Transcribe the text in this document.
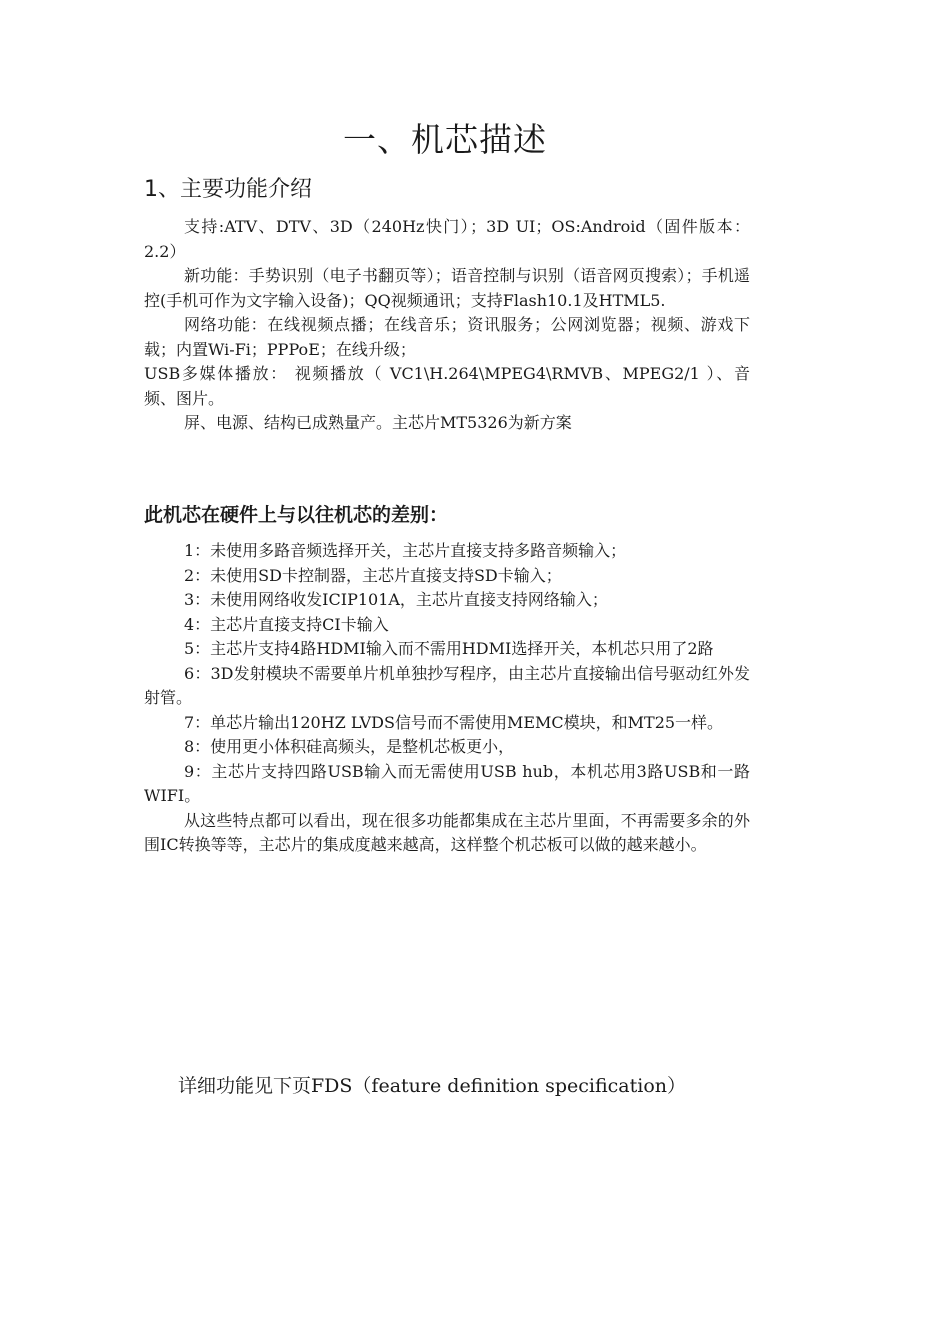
一、机芯描述
1、主要功能介绍

支持:ATV、DTV、3D（240Hz快门）；3D UI；OS:Android（固件版本：2.2）

新功能：手势识别（电子书翻页等）；语音控制与识别（语音网页搜索）；手机遥控(手机可作为文字输入设备)；QQ视频通讯；支持Flash10.1及HTML5.

网络功能：在线视频点播；在线音乐；资讯服务；公网浏览器；视频、游戏下载；内置Wi-Fi；PPPoE；在线升级；

USB多媒体播放： 视频播放（ VC1\H.264\MPEG4\RMVB、MPEG2/1 ）、音频、图片。

屏、电源、结构已成熟量产。主芯片MT5326为新方案

此机芯在硬件上与以往机芯的差别：

1：未使用多路音频选择开关，主芯片直接支持多路音频输入；

2：未使用SD卡控制器，主芯片直接支持SD卡输入；

3：未使用网络收发ICIP101A，主芯片直接支持网络输入；

4：主芯片直接支持CI卡输入

5：主芯片支持4路HDMI输入而不需用HDMI选择开关，本机芯只用了2路

6：3D发射模块不需要单片机单独抄写程序，由主芯片直接输出信号驱动红外发射管。

7：单芯片输出120HZ LVDS信号而不需使用MEMC模块，和MT25一样。

8：使用更小体积硅高频头，是整机芯板更小，

9：主芯片支持四路USB输入而无需使用USB hub，本机芯用3路USB和一路WIFI。

从这些特点都可以看出，现在很多功能都集成在主芯片里面，不再需要多余的外围IC转换等等，主芯片的集成度越来越高，这样整个机芯板可以做的越来越小。

详细功能见下页FDS（feature definition specification）
